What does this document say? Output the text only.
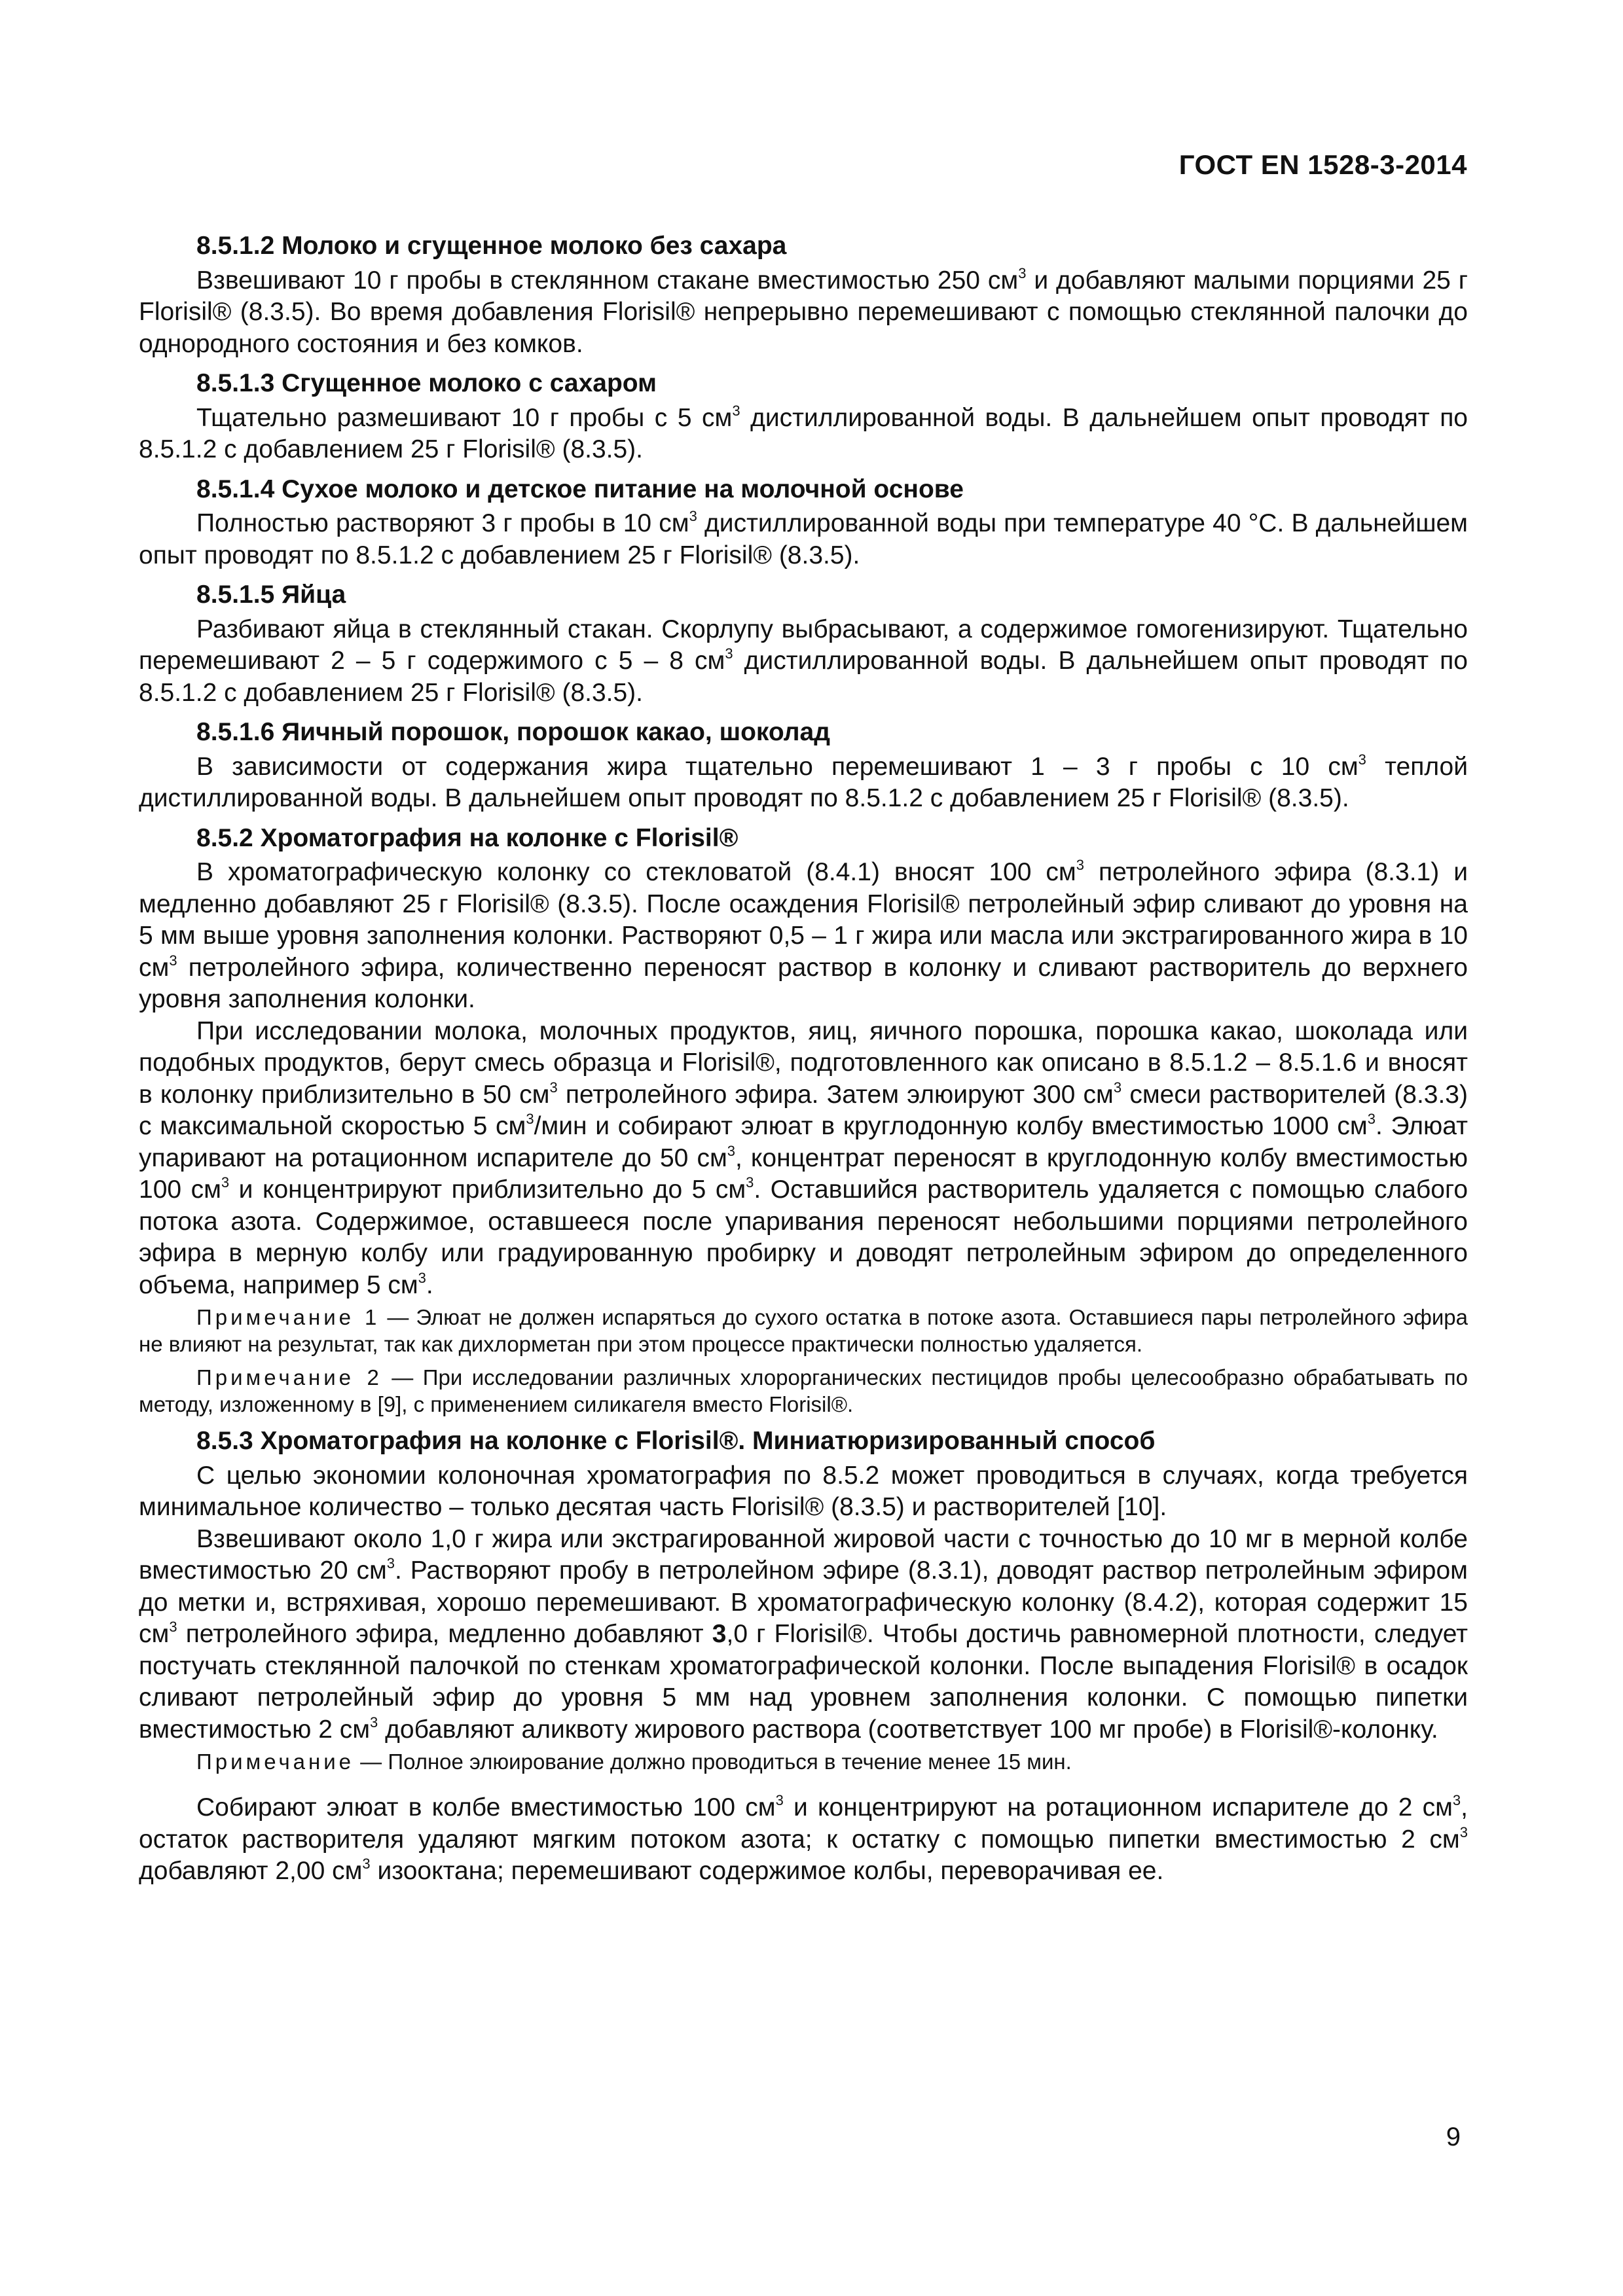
ГОСТ EN 1528-3-2014

8.5.1.2 Молоко и сгущенное молоко без сахара

Взвешивают 10 г пробы в стеклянном стакане вместимостью 250 $см^3$ и добавляют малыми порциями 25 г Florisil® (8.3.5). Во время добавления Florisil® непрерывно перемешивают с помощью стеклянной палочки до однородного состояния и без комков.

8.5.1.3 Сгущенное молоко с сахаром

Тщательно размешивают 10 г пробы с 5 $см^3$ дистиллированной воды. В дальнейшем опыт проводят по 8.5.1.2 с добавлением 25 г Florisil® (8.3.5).

8.5.1.4 Сухое молоко и детское питание на молочной основе

Полностью растворяют 3 г пробы в 10 $см^3$ дистиллированной воды при температуре 40 °С. В дальнейшем опыт проводят по 8.5.1.2 с добавлением 25 г Florisil® (8.3.5).

8.5.1.5 Яйца

Разбивают яйца в стеклянный стакан. Скорлупу выбрасывают, а содержимое гомогенизируют. Тщательно перемешивают 2 – 5 г содержимого с 5 – 8 $см^3$ дистиллированной воды. В дальнейшем опыт проводят по 8.5.1.2 с добавлением 25 г Florisil® (8.3.5).

8.5.1.6 Яичный порошок, порошок какао, шоколад

В зависимости от содержания жира тщательно перемешивают 1 – 3 г пробы с 10 $см^3$ теплой дистиллированной воды. В дальнейшем опыт проводят по 8.5.1.2 с добавлением 25 г Florisil® (8.3.5).

8.5.2 Хроматография на колонке с Florisil®

В хроматографическую колонку со стекловатой (8.4.1) вносят 100 $см^3$ петролейного эфира (8.3.1) и медленно добавляют 25 г Florisil® (8.3.5). После осаждения Florisil® петролейный эфир сливают до уровня на 5 мм выше уровня заполнения колонки. Растворяют 0,5 – 1 г жира или масла или экстрагированного жира в 10 $см^3$ петролейного эфира, количественно переносят раствор в колонку и сливают растворитель до верхнего уровня заполнения колонки.

При исследовании молока, молочных продуктов, яиц, яичного порошка, порошка какао, шоколада или подобных продуктов, берут смесь образца и Florisil®, подготовленного как описано в 8.5.1.2 – 8.5.1.6 и вносят в колонку приблизительно в 50 $см^3$ петролейного эфира. Затем элюируют 300 $см^3$ смеси растворителей (8.3.3) с максимальной скоростью 5 $см^3$/мин и собирают элюат в круглодонную колбу вместимостью 1000 $см^3$. Элюат упаривают на ротационном испарителе до 50 $см^3$, концентрат переносят в круглодонную колбу вместимостью 100 $см^3$ и концентрируют приблизительно до 5 $см^3$. Оставшийся растворитель удаляется с помощью слабого потока азота. Содержимое, оставшееся после упаривания переносят небольшими порциями петролейного эфира в мерную колбу или градуированную пробирку и доводят петролейным эфиром до определенного объема, например 5 $см^3$.

Примечание 1 — Элюат не должен испаряться до сухого остатка в потоке азота. Оставшиеся пары петролейного эфира не влияют на результат, так как дихлорметан при этом процессе практически полностью удаляется.

Примечание 2 — При исследовании различных хлорорганических пестицидов пробы целесообразно обрабатывать по методу, изложенному в [9], с применением силикагеля вместо Florisil®.

8.5.3 Хроматография на колонке с Florisil®. Миниатюризированный способ

С целью экономии колоночная хроматография по 8.5.2 может проводиться в случаях, когда требуется минимальное количество – только десятая часть Florisil® (8.3.5) и растворителей [10].

Взвешивают около 1,0 г жира или экстрагированной жировой части с точностью до 10 мг в мерной колбе вместимостью 20 $см^3$. Растворяют пробу в петролейном эфире (8.3.1), доводят раствор петролейным эфиром до метки и, встряхивая, хорошо перемешивают. В хроматографическую колонку (8.4.2), которая содержит 15 $см^3$ петролейного эфира, медленно добавляют 3,0 г Florisil®. Чтобы достичь равномерной плотности, следует постучать стеклянной палочкой по стенкам хроматографической колонки. После выпадения Florisil® в осадок сливают петролейный эфир до уровня 5 мм над уровнем заполнения колонки. С помощью пипетки вместимостью 2 $см^3$ добавляют аликвоту жирового раствора (соответствует 100 мг пробе) в Florisil®-колонку.

Примечание — Полное элюирование должно проводиться в течение менее 15 мин.

Собирают элюат в колбе вместимостью 100 $см^3$ и концентрируют на ротационном испарителе до 2 $см^3$, остаток растворителя удаляют мягким потоком азота; к остатку с помощью пипетки вместимостью 2 $см^3$ добавляют 2,00 $см^3$ изооктана; перемешивают содержимое колбы, переворачивая ее.

9
